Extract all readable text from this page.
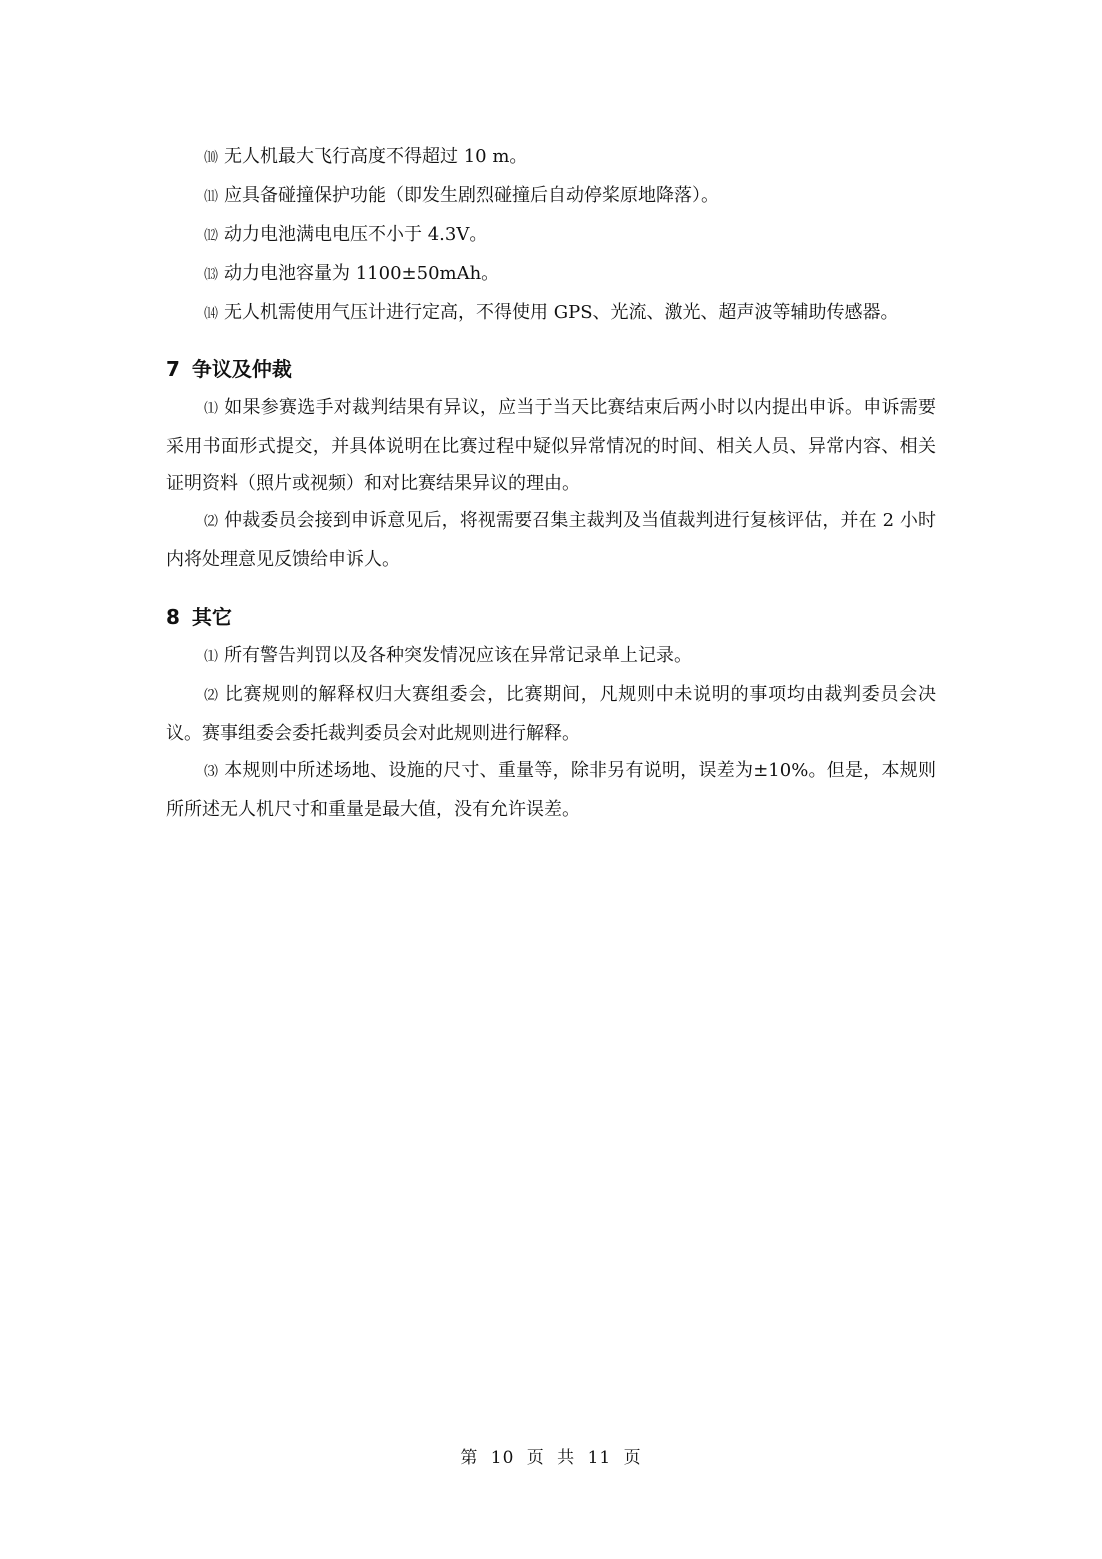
⑽ 无人机最大飞行高度不得超过 10 m。

⑾ 应具备碰撞保护功能（即发生剧烈碰撞后自动停桨原地降落）。

⑿ 动力电池满电电压不小于 4.3V。

⒀ 动力电池容量为 1100±50mAh。

⒁ 无人机需使用气压计进行定高，不得使用 GPS、光流、激光、超声波等辅助传感器。

7 争议及仲裁

⑴ 如果参赛选手对裁判结果有异议，应当于当天比赛结束后两小时以内提出申诉。申诉需要采用书面形式提交，并具体说明在比赛过程中疑似异常情况的时间、相关人员、异常内容、相关证明资料（照片或视频）和对比赛结果异议的理由。

⑵ 仲裁委员会接到申诉意见后，将视需要召集主裁判及当值裁判进行复核评估，并在 2 小时内将处理意见反馈给申诉人。

8 其它

⑴ 所有警告判罚以及各种突发情况应该在异常记录单上记录。

⑵ 比赛规则的解释权归大赛组委会，比赛期间，凡规则中未说明的事项均由裁判委员会决议。赛事组委会委托裁判委员会对此规则进行解释。

⑶ 本规则中所述场地、设施的尺寸、重量等，除非另有说明，误差为±10%。但是，本规则所所述无人机尺寸和重量是最大值，没有允许误差。

第 10 页 共 11 页
